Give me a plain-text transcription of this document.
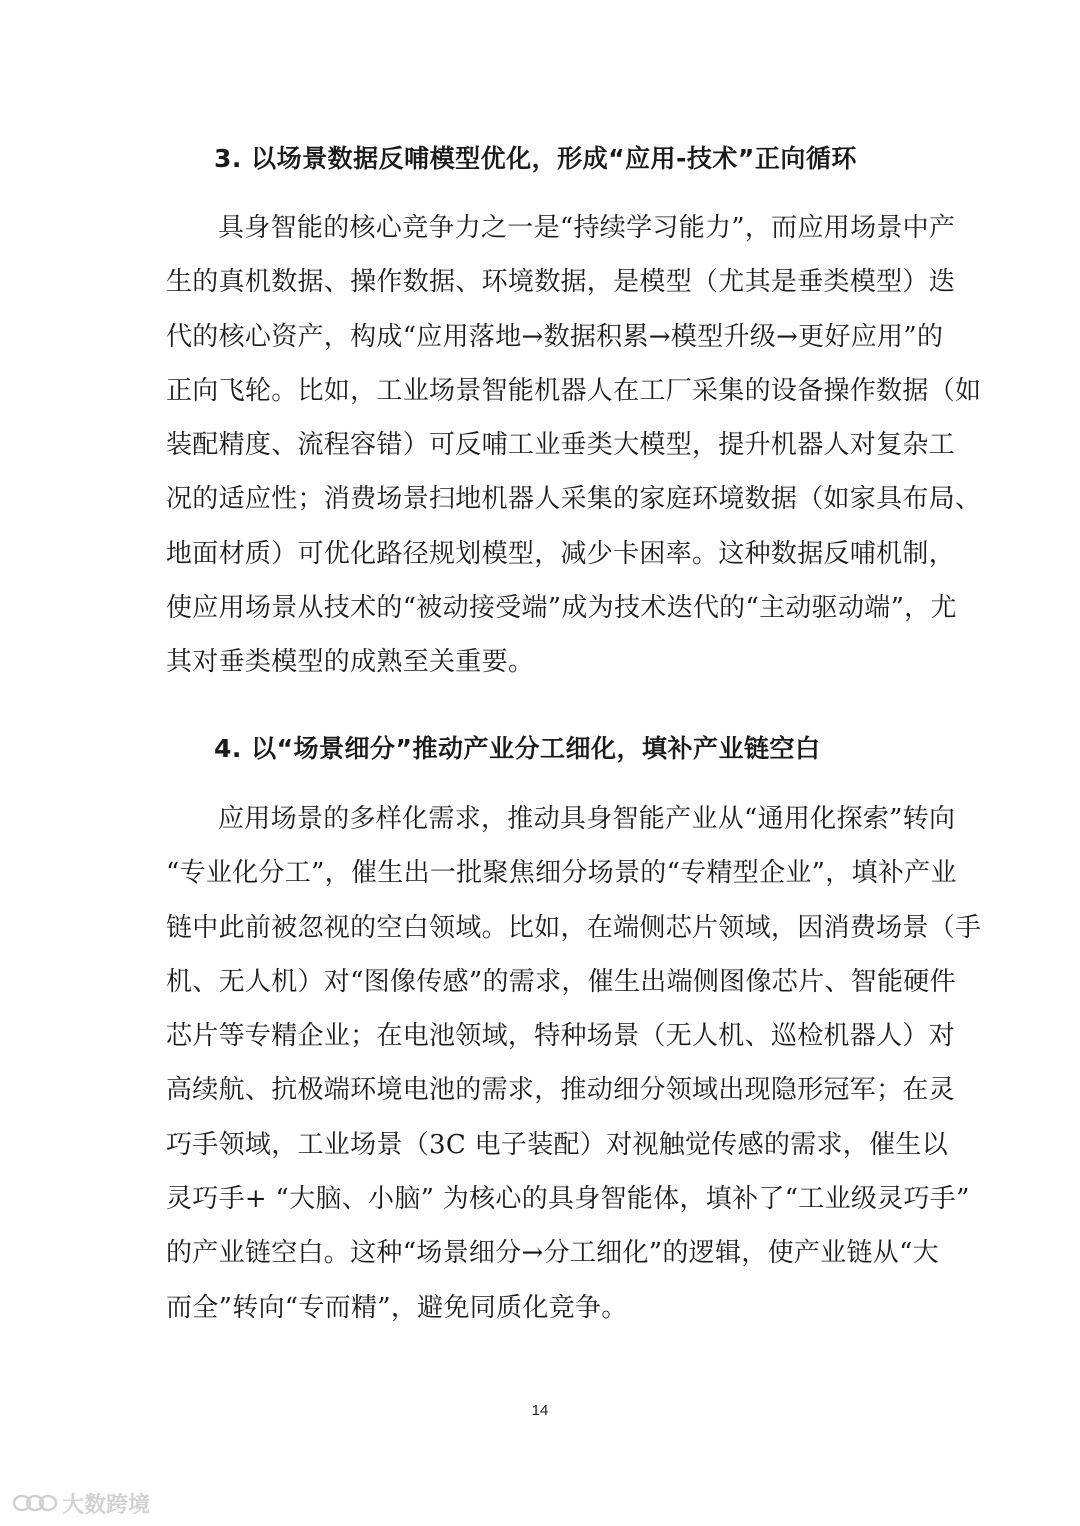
3. 以场景数据反哺模型优化，形成“应用-技术”正向循环
具身智能的核心竞争力之一是“持续学习能力”，而应用场景中产
生的真机数据、操作数据、环境数据，是模型（尤其是垂类模型）迭
代的核心资产，构成“应用落地→数据积累→模型升级→更好应用”的
正向飞轮。比如，工业场景智能机器人在工厂采集的设备操作数据（如
装配精度、流程容错）可反哺工业垂类大模型，提升机器人对复杂工
况的适应性；消费场景扫地机器人采集的家庭环境数据（如家具布局、
地面材质）可优化路径规划模型，减少卡困率。这种数据反哺机制，
使应用场景从技术的“被动接受端”成为技术迭代的“主动驱动端”，尤
其对垂类模型的成熟至关重要。
4. 以“场景细分”推动产业分工细化，填补产业链空白
应用场景的多样化需求，推动具身智能产业从“通用化探索”转向
“专业化分工”，催生出一批聚焦细分场景的“专精型企业”，填补产业
链中此前被忽视的空白领域。比如，在端侧芯片领域，因消费场景（手
机、无人机）对“图像传感”的需求，催生出端侧图像芯片、智能硬件
芯片等专精企业；在电池领域，特种场景（无人机、巡检机器人）对
高续航、抗极端环境电池的需求，推动细分领域出现隐形冠军；在灵
巧手领域，工业场景（3C 电子装配）对视触觉传感的需求，催生以
灵巧手+ “大脑、小脑” 为核心的具身智能体，填补了“工业级灵巧手”
的产业链空白。这种“场景细分→分工细化”的逻辑，使产业链从“大
而全”转向“专而精”，避免同质化竞争。
14
大数跨境
